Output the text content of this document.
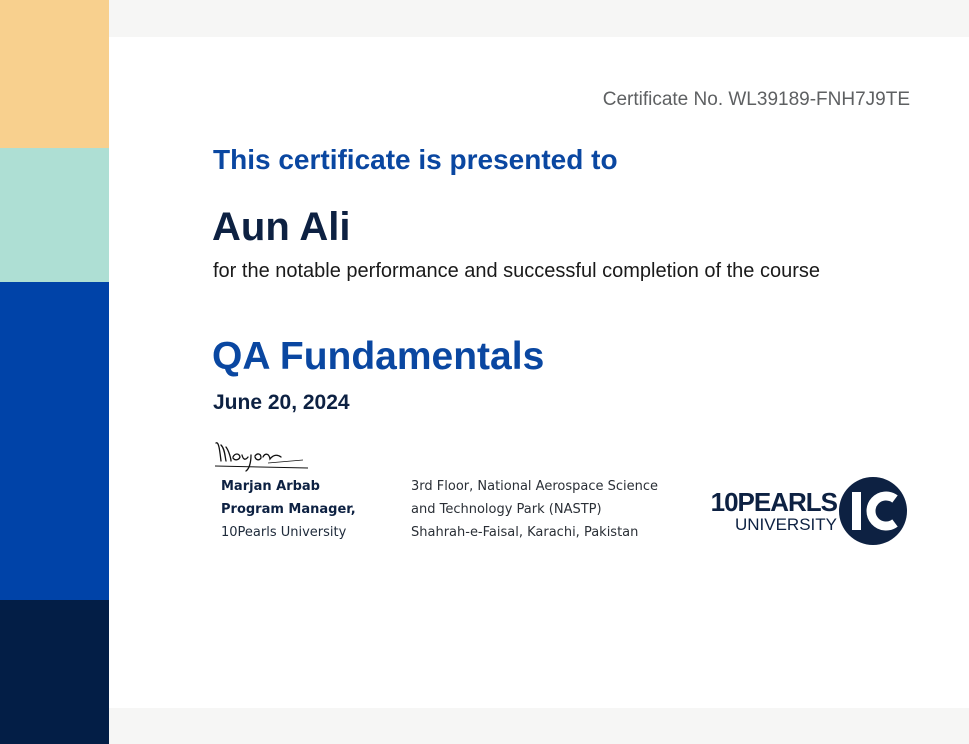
Certificate No. WL39189-FNH7J9TE
This certificate is presented to
Aun Ali
for the notable performance and successful completion of the course
QA Fundamentals
June 20, 2024
Marjan Arbab
Program Manager,
10Pearls University
3rd Floor, National Aerospace Science
and Technology Park (NASTP)
Shahrah-e-Faisal, Karachi, Pakistan
10PEARLS
UNIVERSITY
